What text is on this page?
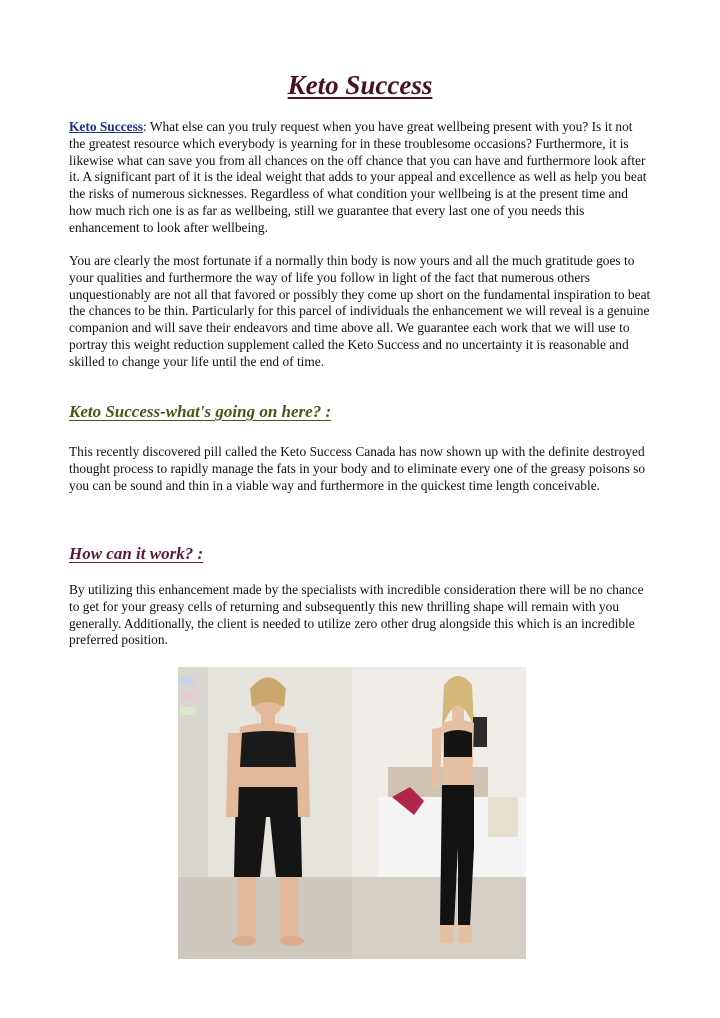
Keto Success

Keto Success: What else can you truly request when you have great wellbeing present with you? Is it not the greatest resource which everybody is yearning for in these troublesome occasions? Furthermore, it is likewise what can save you from all chances on the off chance that you can have and furthermore look after it. A significant part of it is the ideal weight that adds to your appeal and excellence as well as help you beat the risks of numerous sicknesses. Regardless of what condition your wellbeing is at the present time and how much rich one is as far as wellbeing, still we guarantee that every last one of you needs this enhancement to look after wellbeing.

You are clearly the most fortunate if a normally thin body is now yours and all the much gratitude goes to your qualities and furthermore the way of life you follow in light of the fact that numerous others unquestionably are not all that favored or possibly they come up short on the fundamental inspiration to beat the chances to be thin. Particularly for this parcel of individuals the enhancement we will reveal is a genuine companion and will save their endeavors and time above all. We guarantee each work that we will use to portray this weight reduction supplement called the Keto Success and no uncertainty it is reasonable and skilled to change your life until the end of time.

Keto Success-what's going on here? :

This recently discovered pill called the Keto Success Canada has now shown up with the definite destroyed thought process to rapidly manage the fats in your body and to eliminate every one of the greasy poisons so you can be sound and thin in a viable way and furthermore in the quickest time length conceivable.

How can it work? :

By utilizing this enhancement made by the specialists with incredible consideration there will be no chance to get for your greasy cells of returning and subsequently this new thrilling shape will remain with you generally. Additionally, the client is needed to utilize zero other drug alongside this which is an incredible preferred position.
